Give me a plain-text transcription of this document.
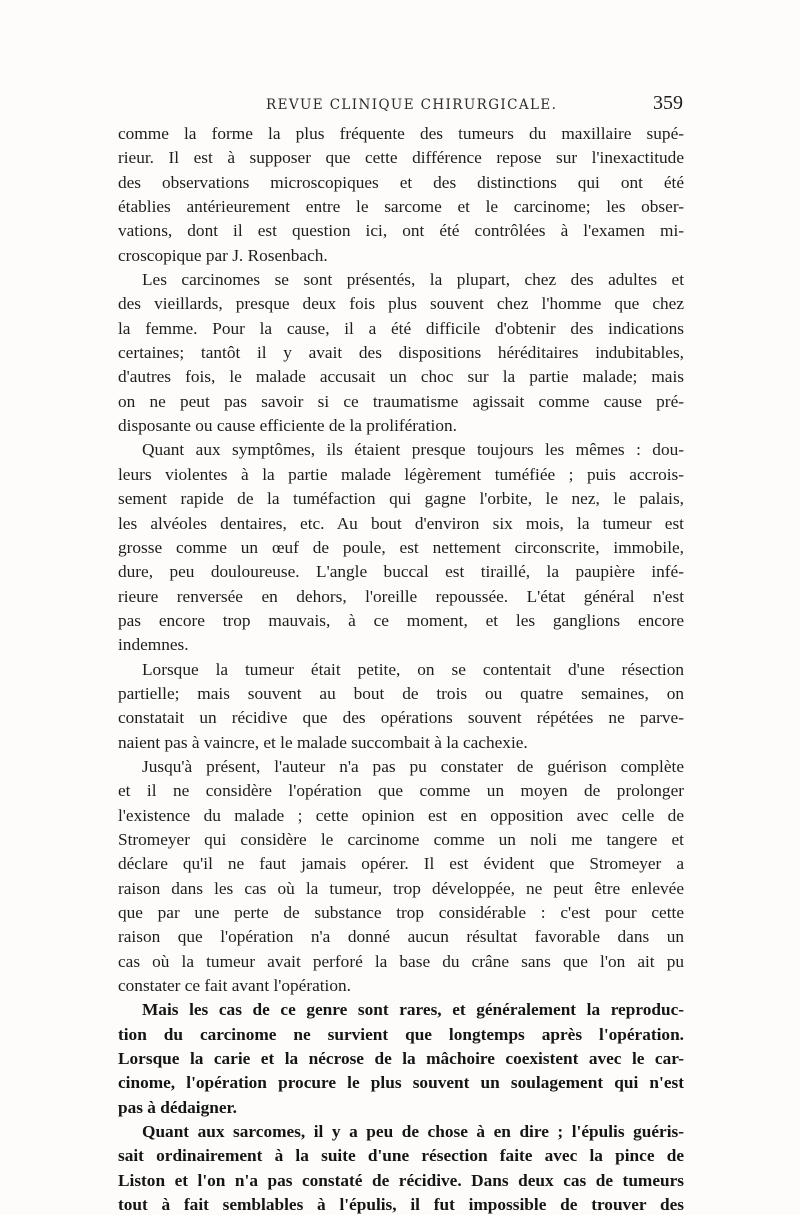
REVUE CLINIQUE CHIRURGICALE.	359
comme la forme la plus fréquente des tumeurs du maxillaire supé-
rieur. Il est à supposer que cette différence repose sur l'inexactitude
des observations microscopiques et des distinctions qui ont été
établies antérieurement entre le sarcome et le carcinome; les obser-
vations, dont il est question ici, ont été contrôlées à l'examen mi-
croscopique par J. Rosenbach.
Les carcinomes se sont présentés, la plupart, chez des adultes et
des vieillards, presque deux fois plus souvent chez l'homme que chez
la femme. Pour la cause, il a été difficile d'obtenir des indications
certaines; tantôt il y avait des dispositions héréditaires indubitables,
d'autres fois, le malade accusait un choc sur la partie malade; mais
on ne peut pas savoir si ce traumatisme agissait comme cause pré-
disposante ou cause efficiente de la prolifération.
Quant aux symptômes, ils étaient presque toujours les mêmes : dou-
leurs violentes à la partie malade légèrement tuméfiée ; puis accrois-
sement rapide de la tuméfaction qui gagne l'orbite, le nez, le palais,
les alvéoles dentaires, etc. Au bout d'environ six mois, la tumeur est
grosse comme un œuf de poule, est nettement circonscrite, immobile,
dure, peu douloureuse. L'angle buccal est tiraillé, la paupière infé-
rieure renversée en dehors, l'oreille repoussée. L'état général n'est
pas encore trop mauvais, à ce moment, et les ganglions encore
indemnes.
Lorsque la tumeur était petite, on se contentait d'une résection
partielle; mais souvent au bout de trois ou quatre semaines, on
constatait un récidive que des opérations souvent répétées ne parve-
naient pas à vaincre, et le malade succombait à la cachexie.
Jusqu'à présent, l'auteur n'a pas pu constater de guérison complète
et il ne considère l'opération que comme un moyen de prolonger
l'existence du malade ; cette opinion est en opposition avec celle de
Stromeyer qui considère le carcinome comme un noli me tangere et
déclare qu'il ne faut jamais opérer. Il est évident que Stromeyer a
raison dans les cas où la tumeur, trop développée, ne peut être enlevée
que par une perte de substance trop considérable : c'est pour cette
raison que l'opération n'a donné aucun résultat favorable dans un
cas où la tumeur avait perforé la base du crâne sans que l'on ait pu
constater ce fait avant l'opération.
Mais les cas de ce genre sont rares, et généralement la reproduc-
tion du carcinome ne survient que longtemps après l'opération.
Lorsque la carie et la nécrose de la mâchoire coexistent avec le car-
cinome, l'opération procure le plus souvent un soulagement qui n'est
pas à dédaigner.
Quant aux sarcomes, il y a peu de chose à en dire ; l'épulis guéris-
sait ordinairement à la suite d'une résection faite avec la pince de
Liston et l'on n'a pas constaté de récidive. Dans deux cas de tumeurs
tout à fait semblables à l'épulis, il fut impossible de trouver des
